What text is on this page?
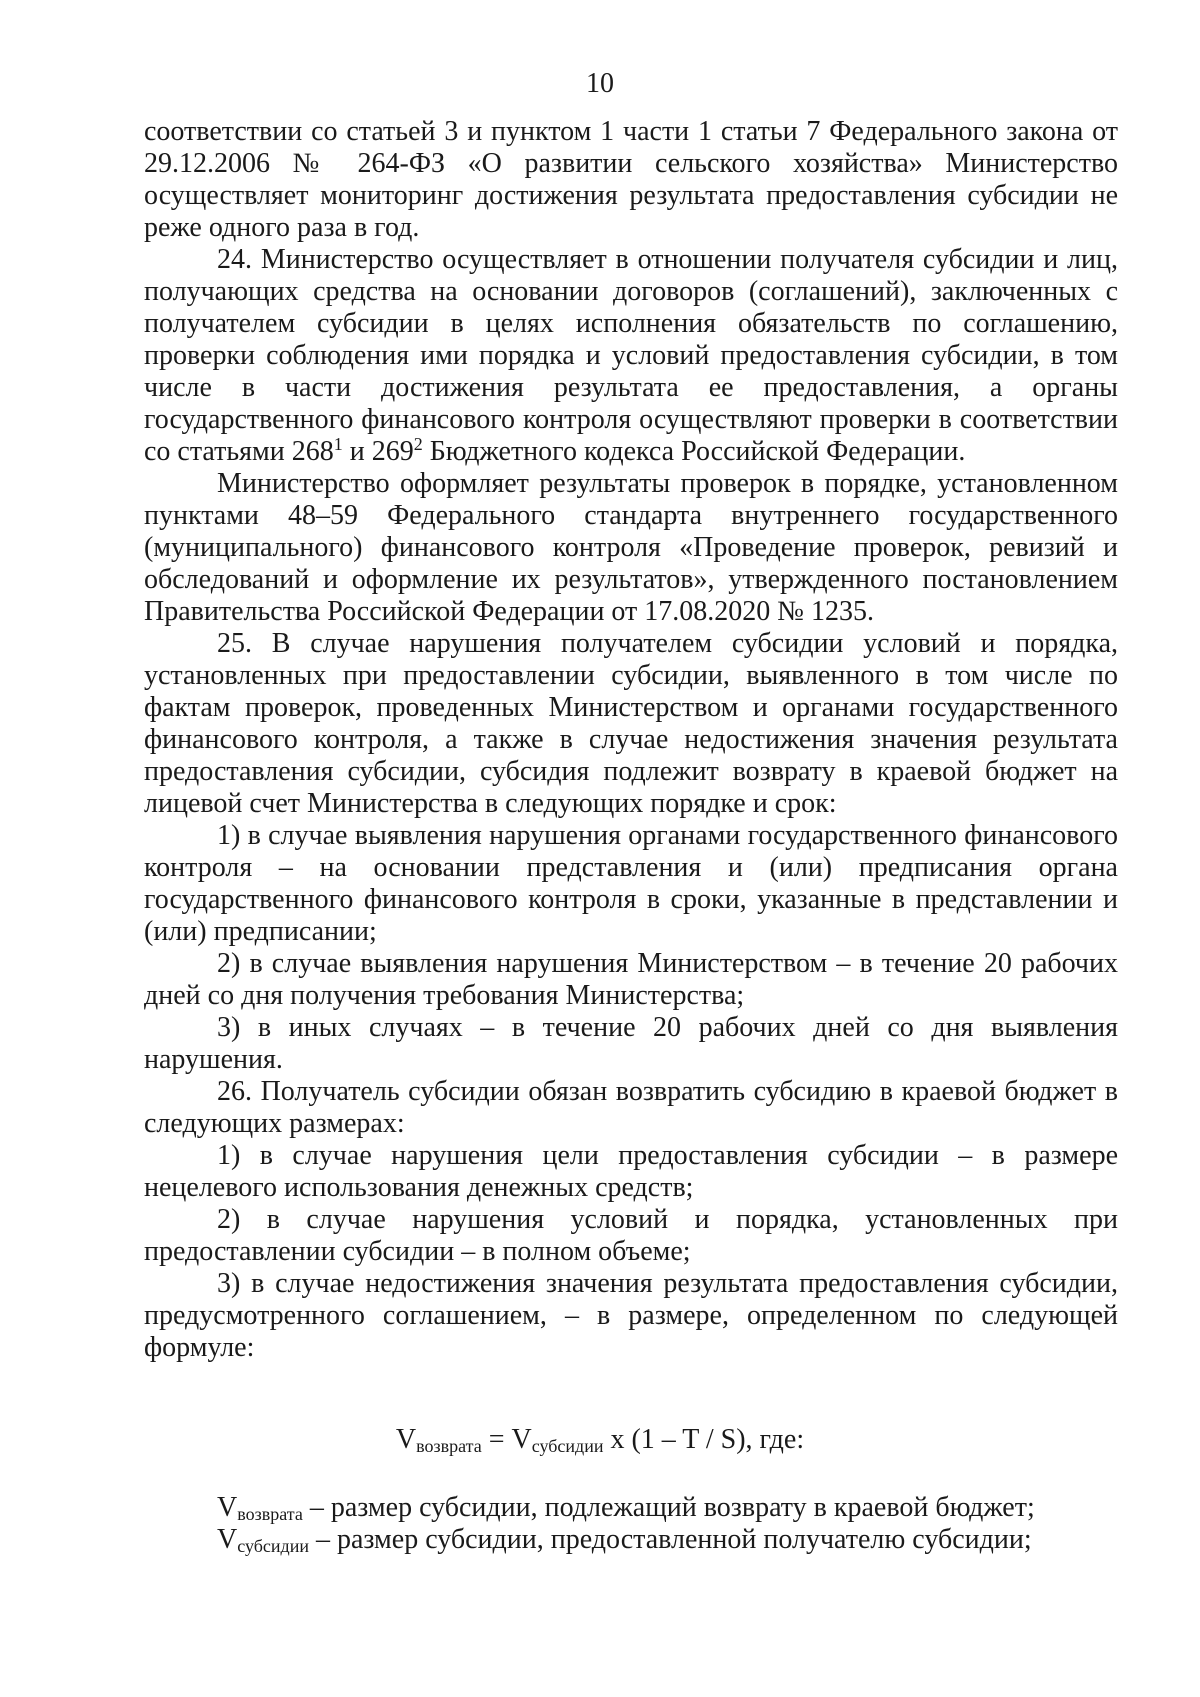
10

соответствии со статьей 3 и пунктом 1 части 1 статьи 7 Федерального закона от 29.12.2006 № 264-ФЗ «О развитии сельского хозяйства» Министерство осуществляет мониторинг достижения результата предоставления субсидии не реже одного раза в год.

24. Министерство осуществляет в отношении получателя субсидии и лиц, получающих средства на основании договоров (соглашений), заключенных с получателем субсидии в целях исполнения обязательств по соглашению, проверки соблюдения ими порядка и условий предоставления субсидии, в том числе в части достижения результата ее предоставления, а органы государственного финансового контроля осуществляют проверки в соответствии со статьями $268^1$ и $269^2$ Бюджетного кодекса Российской Федерации.

Министерство оформляет результаты проверок в порядке, установленном пунктами 48–59 Федерального стандарта внутреннего государственного (муниципального) финансового контроля «Проведение проверок, ревизий и обследований и оформление их результатов», утвержденного постановлением Правительства Российской Федерации от 17.08.2020 № 1235.

25. В случае нарушения получателем субсидии условий и порядка, установленных при предоставлении субсидии, выявленного в том числе по фактам проверок, проведенных Министерством и органами государственного финансового контроля, а также в случае недостижения значения результата предоставления субсидии, субсидия подлежит возврату в краевой бюджет на лицевой счет Министерства в следующих порядке и срок:

1) в случае выявления нарушения органами государственного финансового контроля – на основании представления и (или) предписания органа государственного финансового контроля в сроки, указанные в представлении и (или) предписании;

2) в случае выявления нарушения Министерством – в течение 20 рабочих дней со дня получения требования Министерства;

3) в иных случаях – в течение 20 рабочих дней со дня выявления нарушения.

26. Получатель субсидии обязан возвратить субсидию в краевой бюджет в следующих размерах:

1) в случае нарушения цели предоставления субсидии – в размере нецелевого использования денежных средств;

2) в случае нарушения условий и порядка, установленных при предоставлении субсидии – в полном объеме;

3) в случае недостижения значения результата предоставления субсидии, предусмотренного соглашением, – в размере, определенном по следующей формуле:

$V_{возврата} = V_{субсидии}$ x (1 – T / S), где:

$V_{возврата}$ – размер субсидии, подлежащий возврату в краевой бюджет;

$V_{субсидии}$ – размер субсидии, предоставленной получателю субсидии;
